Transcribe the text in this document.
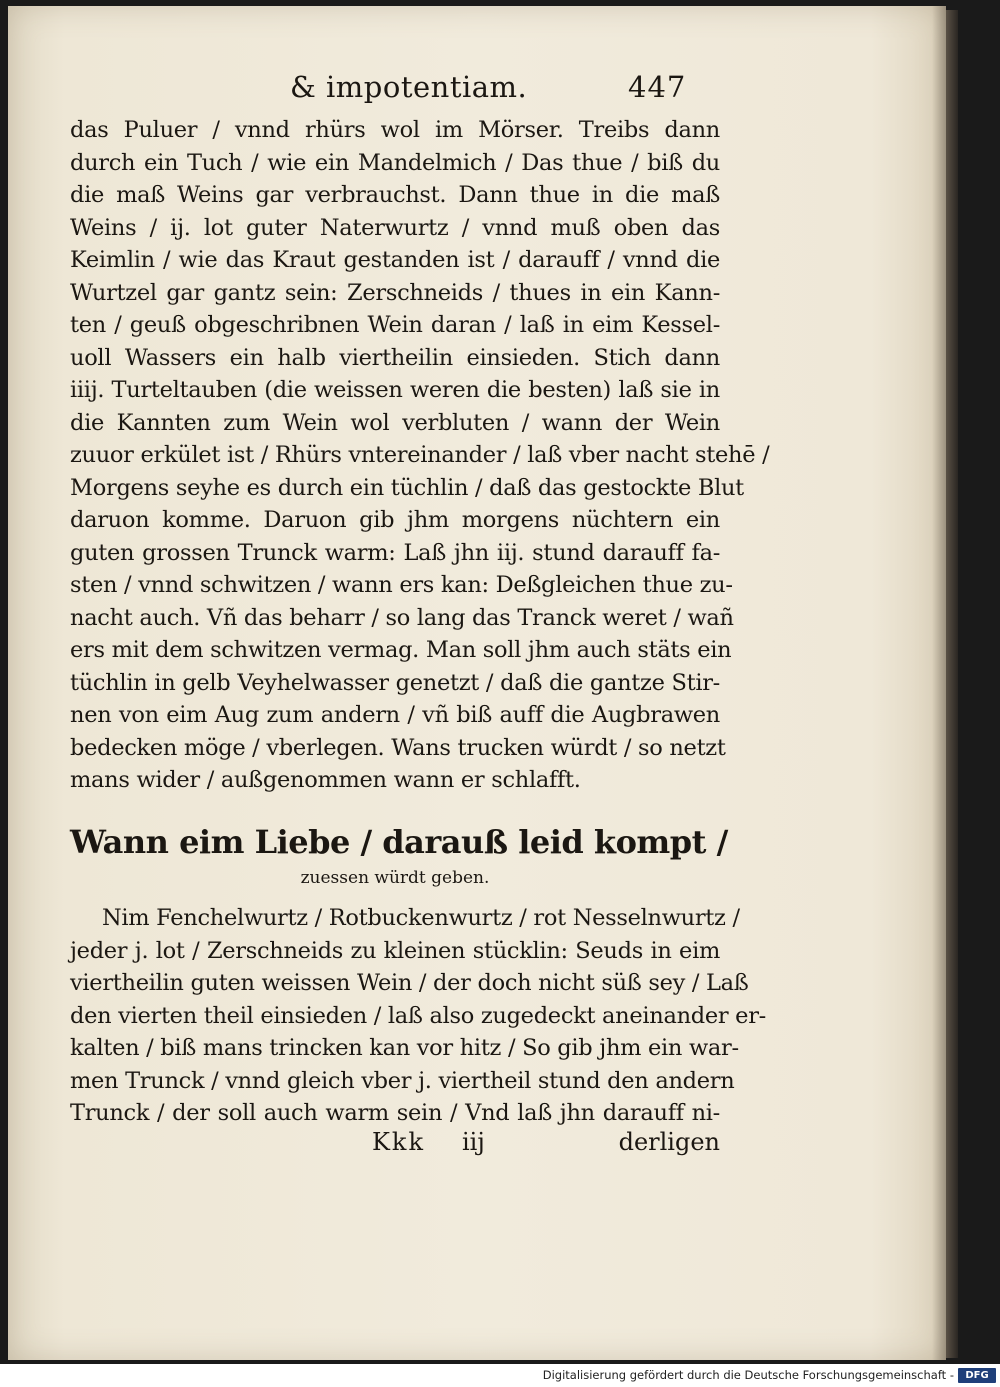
& impotentiam.	447
das Puluer / vnnd rhürs wol im Mörser. Treibs dann
durch ein Tuch / wie ein Mandelmich / Das thue / biß du
die maß Weins gar verbrauchst. Dann thue in die maß
Weins / ij. lot guter Naterwurtz / vnnd muß oben das
Keimlin / wie das Kraut gestanden ist / darauff / vnnd die
Wurtzel gar gantz sein: Zerschneids / thues in ein Kann-
ten / geuß obgeschribnen Wein daran / laß in eim Kessel-
uoll Wassers ein halb viertheilin einsieden. Stich dann
iiij. Turteltauben (die weissen weren die besten) laß sie in
die Kannten zum Wein wol verbluten / wann der Wein
zuuor erkület ist / Rhürs vntereinander / laß vber nacht stehē /
Morgens seyhe es durch ein tüchlin / daß das gestockte Blut
daruon komme. Daruon gib jhm morgens nüchtern ein
guten grossen Trunck warm: Laß jhn iij. stund darauff fa-
sten / vnnd schwitzen / wann ers kan: Deßgleichen thue zu-
nacht auch. Vñ das beharr / so lang das Tranck weret / wañ
ers mit dem schwitzen vermag. Man soll jhm auch stäts ein
tüchlin in gelb Veyhelwasser genetzt / daß die gantze Stir-
nen von eim Aug zum andern / vñ biß auff die Augbrawen
bedecken möge / vberlegen. Wans trucken würdt / so netzt
mans wider / außgenommen wann er schlafft.
Wann eim Liebe / darauß leid kompt /
zuessen würdt geben.
Nim Fenchelwurtz / Rotbuckenwurtz / rot Nesselnwurtz /
jeder j. lot / Zerschneids zu kleinen stücklin: Seuds in eim
viertheilin guten weissen Wein / der doch nicht süß sey / Laß
den vierten theil einsieden / laß also zugedeckt aneinander er-
kalten / biß mans trincken kan vor hitz / So gib jhm ein war-
men Trunck / vnnd gleich vber j. viertheil stund den andern
Trunck / der soll auch warm sein / Vnd laß jhn darauff ni-
Kkk iij	derligen
Digitalisierung gefördert durch die Deutsche Forschungsgemeinschaft -	DFG
